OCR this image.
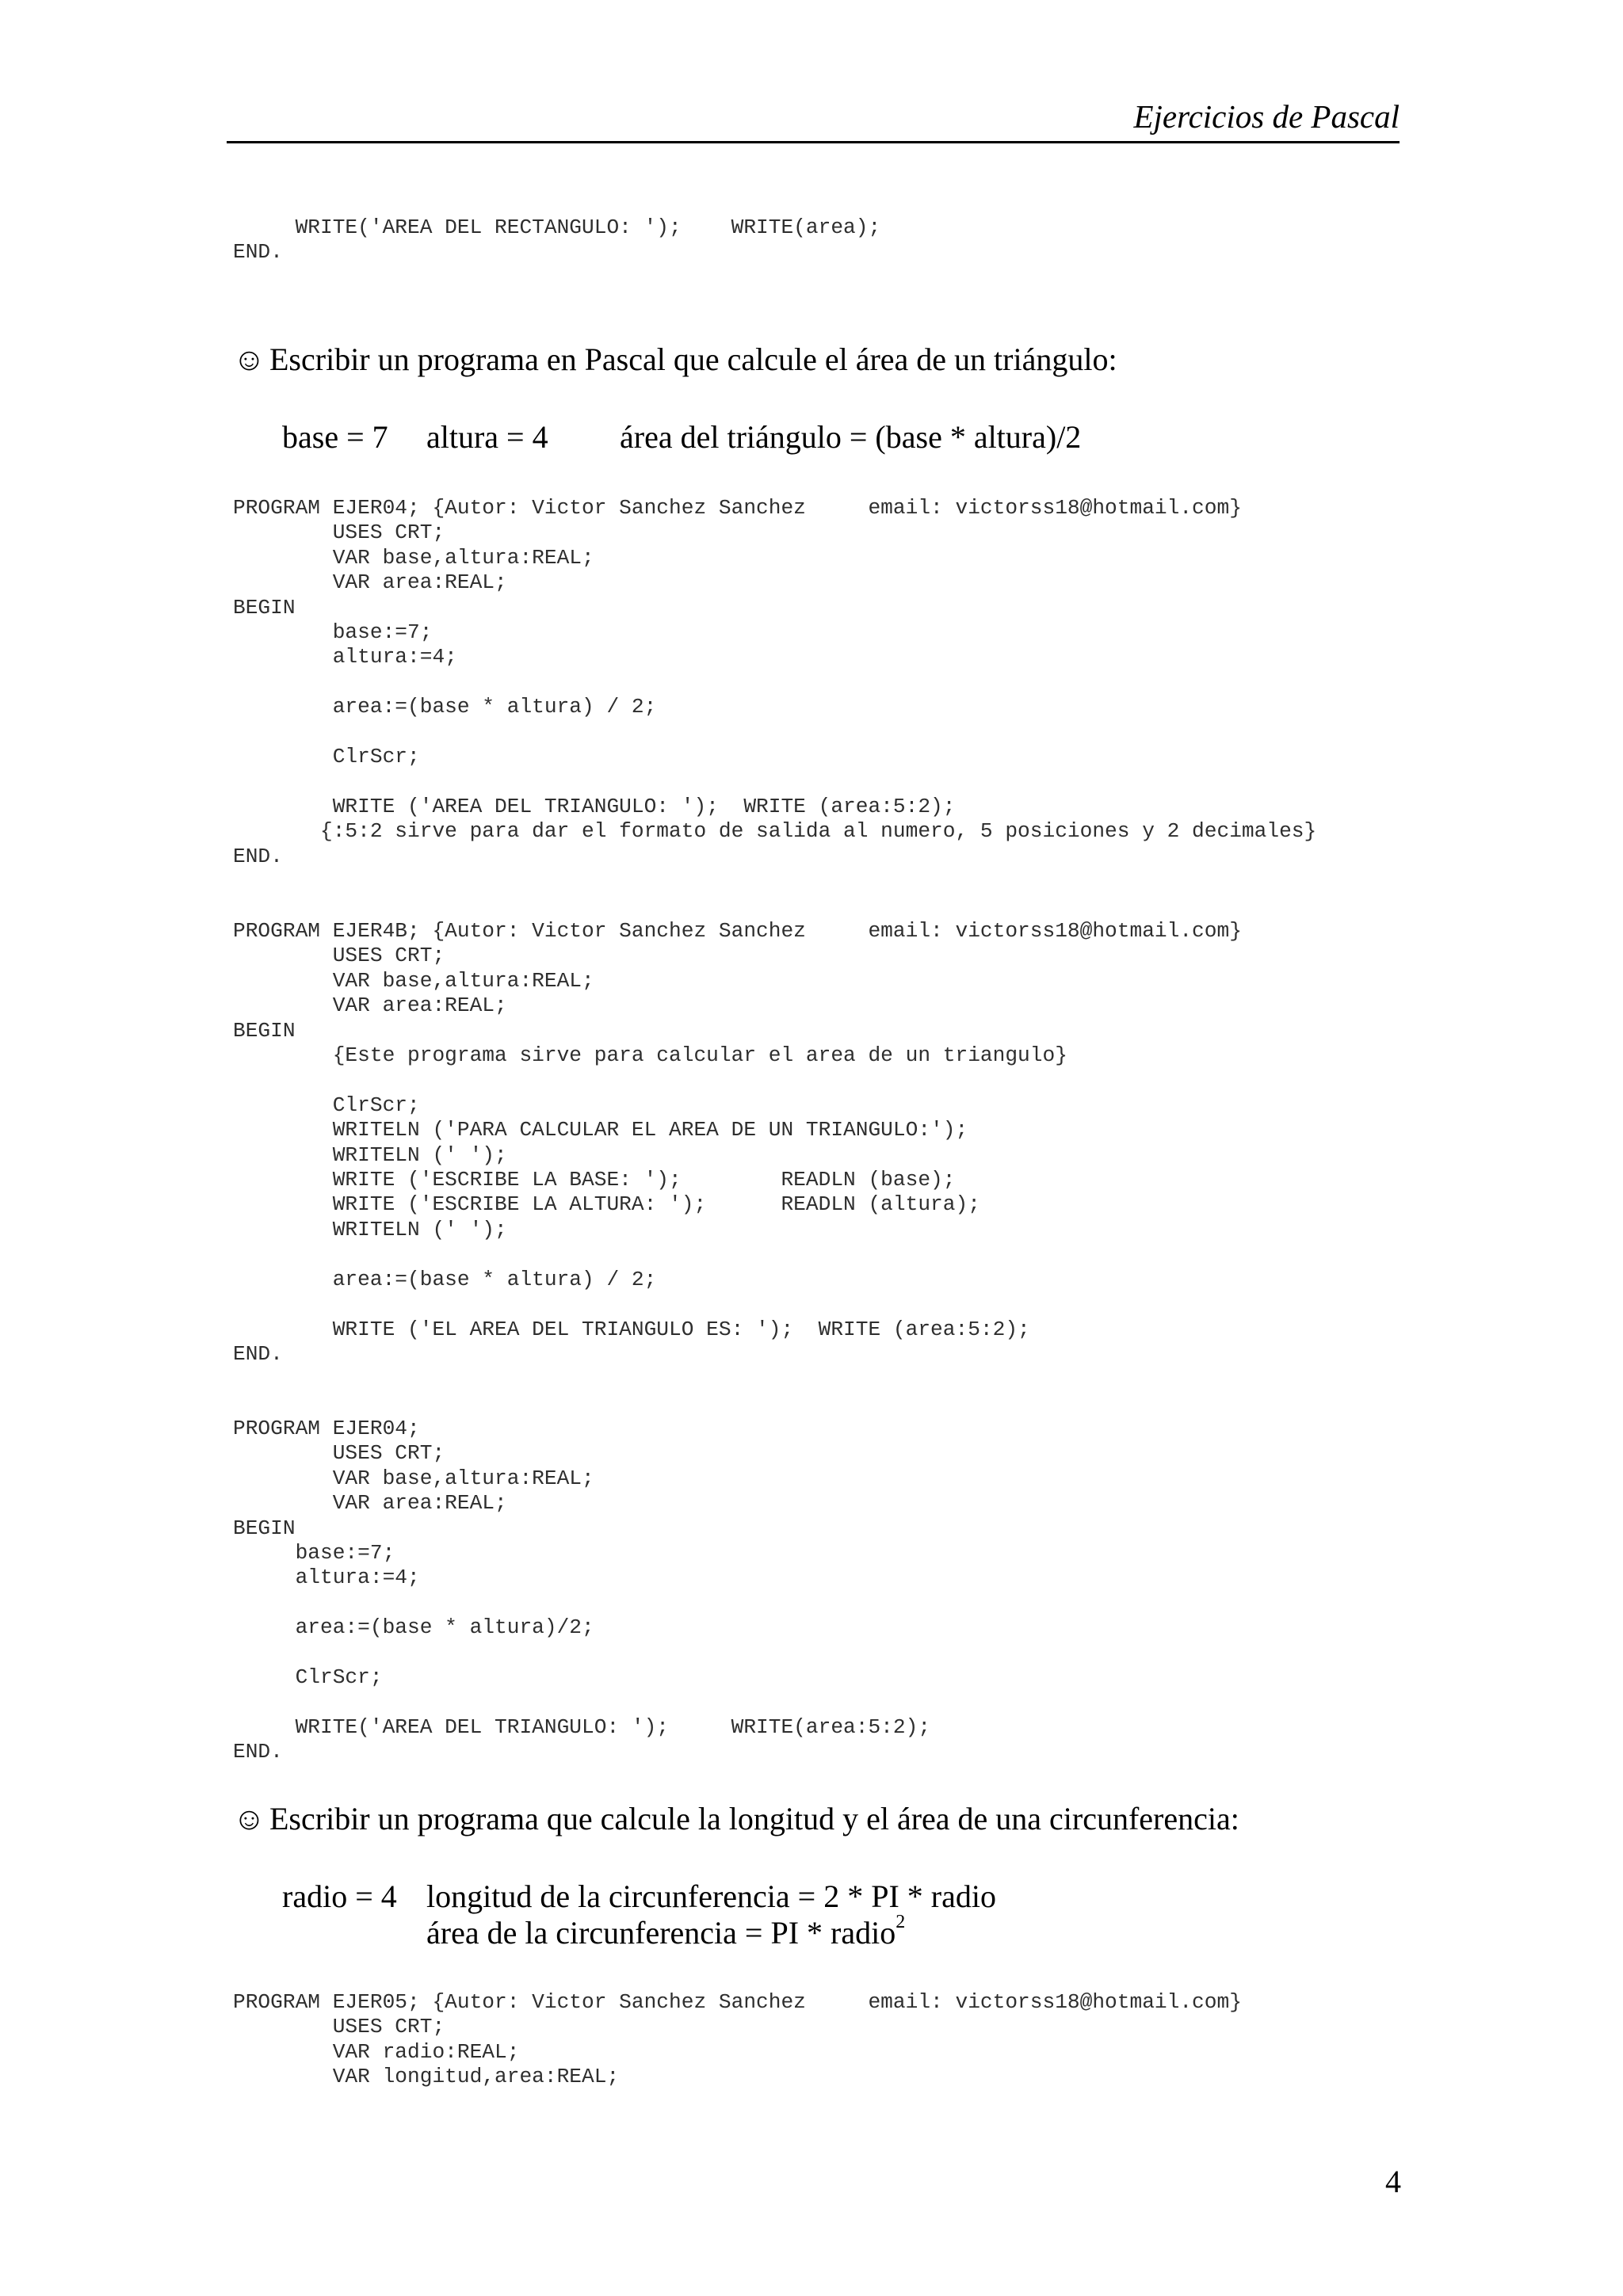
Ejercicios de Pascal
WRITE('AREA DEL RECTANGULO: ');    WRITE(area);
END.
☺ Escribir un programa en Pascal que calcule el área de un triángulo:
base = 7 altura = 4 área del triángulo = (base * altura)/2
PROGRAM EJER04; {Autor: Victor Sanchez Sanchez     email: victorss18@hotmail.com}
USES CRT;
VAR base,altura:REAL;
VAR area:REAL;
BEGIN
base:=7;
altura:=4;

area:=(base * altura) / 2;

ClrScr;

WRITE ('AREA DEL TRIANGULO: ');  WRITE (area:5:2);
{:5:2 sirve para dar el formato de salida al numero, 5 posiciones y 2 decimales}
END.
PROGRAM EJER4B; {Autor: Victor Sanchez Sanchez     email: victorss18@hotmail.com}
USES CRT;
VAR base,altura:REAL;
VAR area:REAL;
BEGIN
{Este programa sirve para calcular el area de un triangulo}

ClrScr;
WRITELN ('PARA CALCULAR EL AREA DE UN TRIANGULO:');
WRITELN (' ');
WRITE ('ESCRIBE LA BASE: ');        READLN (base);
WRITE ('ESCRIBE LA ALTURA: ');      READLN (altura);
WRITELN (' ');

area:=(base * altura) / 2;

WRITE ('EL AREA DEL TRIANGULO ES: ');  WRITE (area:5:2);
END.
PROGRAM EJER04;
USES CRT;
VAR base,altura:REAL;
VAR area:REAL;
BEGIN
base:=7;
altura:=4;

area:=(base * altura)/2;

ClrScr;

WRITE('AREA DEL TRIANGULO: ');     WRITE(area:5:2);
END.
☺ Escribir un programa que calcule la longitud y el área de una circunferencia:
radio = 4 longitud de la circunferencia = 2 * PI * radio
área de la circunferencia = PI * radio$^2$
PROGRAM EJER05; {Autor: Victor Sanchez Sanchez     email: victorss18@hotmail.com}
USES CRT;
VAR radio:REAL;
VAR longitud,area:REAL;
4
